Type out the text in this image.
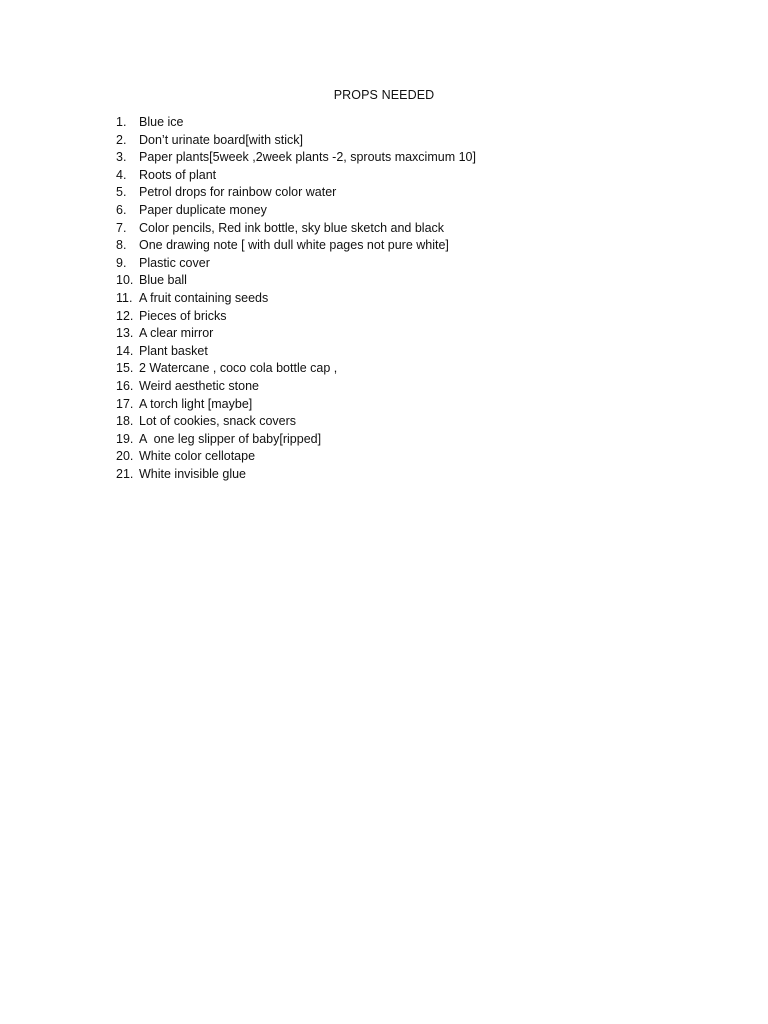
PROPS NEEDED
1. Blue ice
2. Don’t urinate board[with stick]
3. Paper plants[5week ,2week plants -2, sprouts maxcimum 10]
4. Roots of plant
5. Petrol drops for rainbow color water
6. Paper duplicate money
7. Color pencils, Red ink bottle, sky blue sketch and black
8. One drawing note [ with dull white pages not pure white]
9. Plastic cover
10. Blue ball
11. A fruit containing seeds
12. Pieces of bricks
13. A clear mirror
14. Plant basket
15. 2 Watercane , coco cola bottle cap ,
16. Weird aesthetic stone
17. A torch light [maybe]
18. Lot of cookies, snack covers
19. A  one leg slipper of baby[ripped]
20. White color cellotape
21. White invisible glue
